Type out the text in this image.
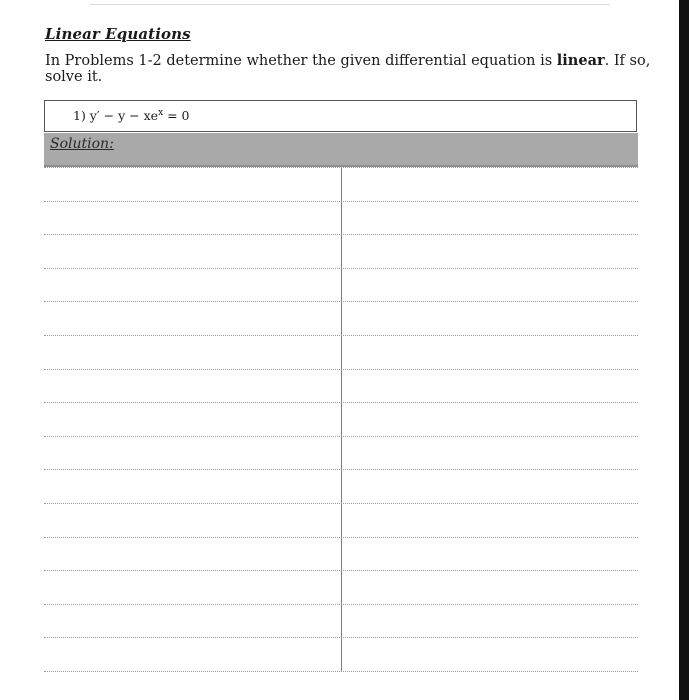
Linear Equations
In Problems 1-2 determine whether the given differential equation is linear. If so, solve it.
1) $y' - y - xe^x = 0$
Solution:
